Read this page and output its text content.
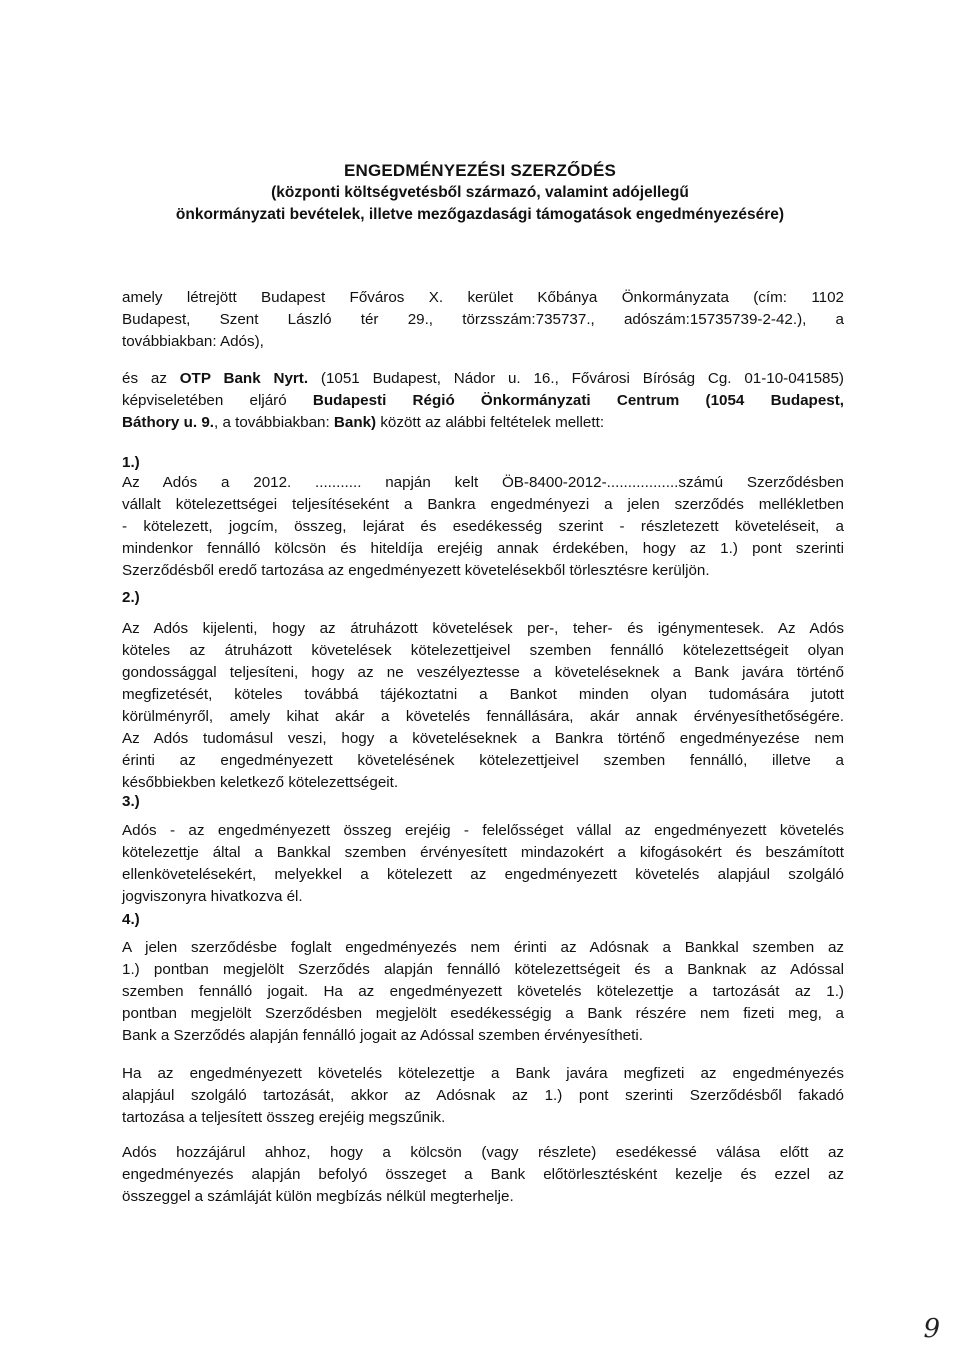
ENGEDMÉNYEZÉSI SZERZŐDÉS
(központi költségvetésből származó, valamint adójellegű
önkormányzati bevételek, illetve mezőgazdasági támogatások engedményezésére)
amely létrejött Budapest Főváros X. kerület Kőbánya Önkormányzata (cím: 1102
Budapest, Szent László tér 29., törzsszám:735737., adószám:15735739-2-42.), a
továbbiakban: Adós),
és az OTP Bank Nyrt. (1051 Budapest, Nádor u. 16., Fővárosi Bíróság Cg. 01-10-041585)
képviseletében eljáró Budapesti Régió Önkormányzati Centrum (1054 Budapest,
Báthory u. 9., a továbbiakban: Bank) között az alábbi feltételek mellett:
1.)
Az Adós a 2012. ........... napján kelt ÖB-8400-2012-.................számú Szerződésben
vállalt kötelezettségei teljesítéseként a Bankra engedményezi a jelen szerződés mellékletben
- kötelezett, jogcím, összeg, lejárat és esedékesség szerint - részletezett követeléseit, a
mindenkor fennálló kölcsön és hiteldíja erejéig annak érdekében, hogy az 1.) pont szerinti
Szerződésből eredő tartozása az engedményezett követelésekből törlesztésre kerüljön.
2.)
Az Adós kijelenti, hogy az átruházott követelések per-, teher- és igénymentesek. Az Adós
köteles az átruházott követelések kötelezettjeivel szemben fennálló kötelezettségeit olyan
gondossággal teljesíteni, hogy az ne veszélyeztesse a követeléseknek a Bank javára történő
megfizetését, köteles továbbá tájékoztatni a Bankot minden olyan tudomására jutott
körülményről, amely kihat akár a követelés fennállására, akár annak érvényesíthetőségére.
Az Adós tudomásul veszi, hogy a követeléseknek a Bankra történő engedményezése nem
érinti az engedményezett követelésének kötelezettjeivel szemben fennálló, illetve a
későbbiekben keletkező kötelezettségeit.
3.)
Adós - az engedményezett összeg erejéig - felelősséget vállal az engedményezett követelés
kötelezettje által a Bankkal szemben érvényesített mindazokért a kifogásokért és beszámított
ellenkövetelésekért, melyekkel a kötelezett az engedményezett követelés alapjául szolgáló
jogviszonyra hivatkozva él.
4.)
A jelen szerződésbe foglalt engedményezés nem érinti az Adósnak a Bankkal szemben az
1.) pontban megjelölt Szerződés alapján fennálló kötelezettségeit és a Banknak az Adóssal
szemben fennálló jogait. Ha az engedményezett követelés kötelezettje a tartozását az 1.)
pontban megjelölt Szerződésben megjelölt esedékességig a Bank részére nem fizeti meg, a
Bank a Szerződés alapján fennálló jogait az Adóssal szemben érvényesítheti.
Ha az engedményezett követelés kötelezettje a Bank javára megfizeti az engedményezés
alapjául szolgáló tartozását, akkor az Adósnak az 1.) pont szerinti Szerződésből fakadó
tartozása a teljesített összeg erejéig megszűnik.
Adós hozzájárul ahhoz, hogy a kölcsön (vagy részlete) esedékessé válása előtt az
engedményezés alapján befolyó összeget a Bank előtörlesztésként kezelje és ezzel az
összeggel a számláját külön megbízás nélkül megterhelje.
9
